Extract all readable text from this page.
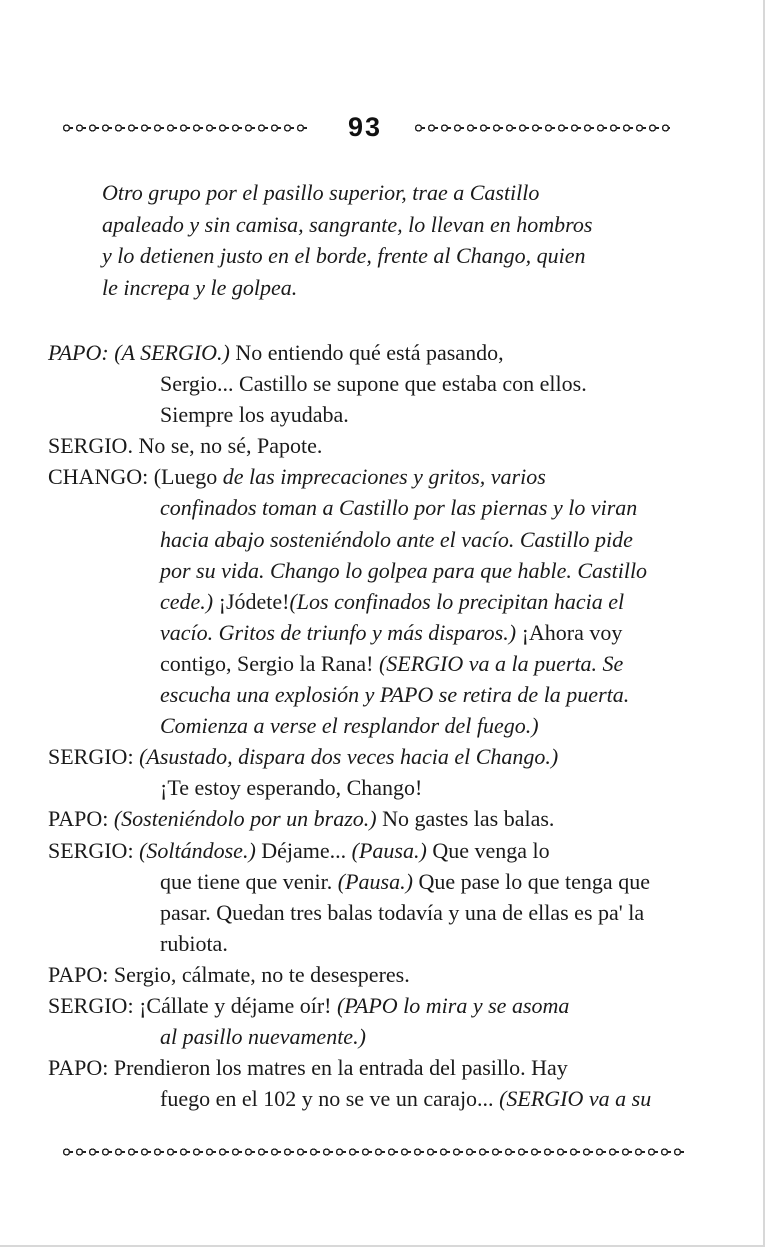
93
Otro grupo por el pasillo superior, trae a Castillo
apaleado y sin camisa, sangrante, lo llevan en hombros
y lo detienen justo en el borde, frente al Chango, quien
le increpa y le golpea.
PAPO: (A SERGIO.) No entiendo qué está pasando,
Sergio... Castillo se supone que estaba con ellos.
Siempre los ayudaba.
SERGIO. No se, no sé, Papote.
CHANGO: (Luego de las imprecaciones y gritos, varios
confinados toman a Castillo por las piernas y lo viran
hacia abajo sosteniéndolo ante el vacío. Castillo pide
por su vida. Chango lo golpea para que hable. Castillo
cede.) ¡Jódete!(Los confinados lo precipitan hacia el
vacío. Gritos de triunfo y más disparos.) ¡Ahora voy
contigo, Sergio la Rana! (SERGIO va a la puerta. Se
escucha una explosión y PAPO se retira de la puerta.
Comienza a verse el resplandor del fuego.)
SERGIO: (Asustado, dispara dos veces hacia el Chango.)
¡Te estoy esperando, Chango!
PAPO: (Sosteniéndolo por un brazo.) No gastes las balas.
SERGIO: (Soltándose.) Déjame... (Pausa.) Que venga lo
que tiene que venir. (Pausa.) Que pase lo que tenga que
pasar. Quedan tres balas todavía y una de ellas es pa' la
rubiota.
PAPO: Sergio, cálmate, no te desesperes.
SERGIO: ¡Cállate y déjame oír! (PAPO lo mira y se asoma
al pasillo nuevamente.)
PAPO: Prendieron los matres en la entrada del pasillo. Hay
fuego en el 102 y no se ve un carajo... (SERGIO va a su
